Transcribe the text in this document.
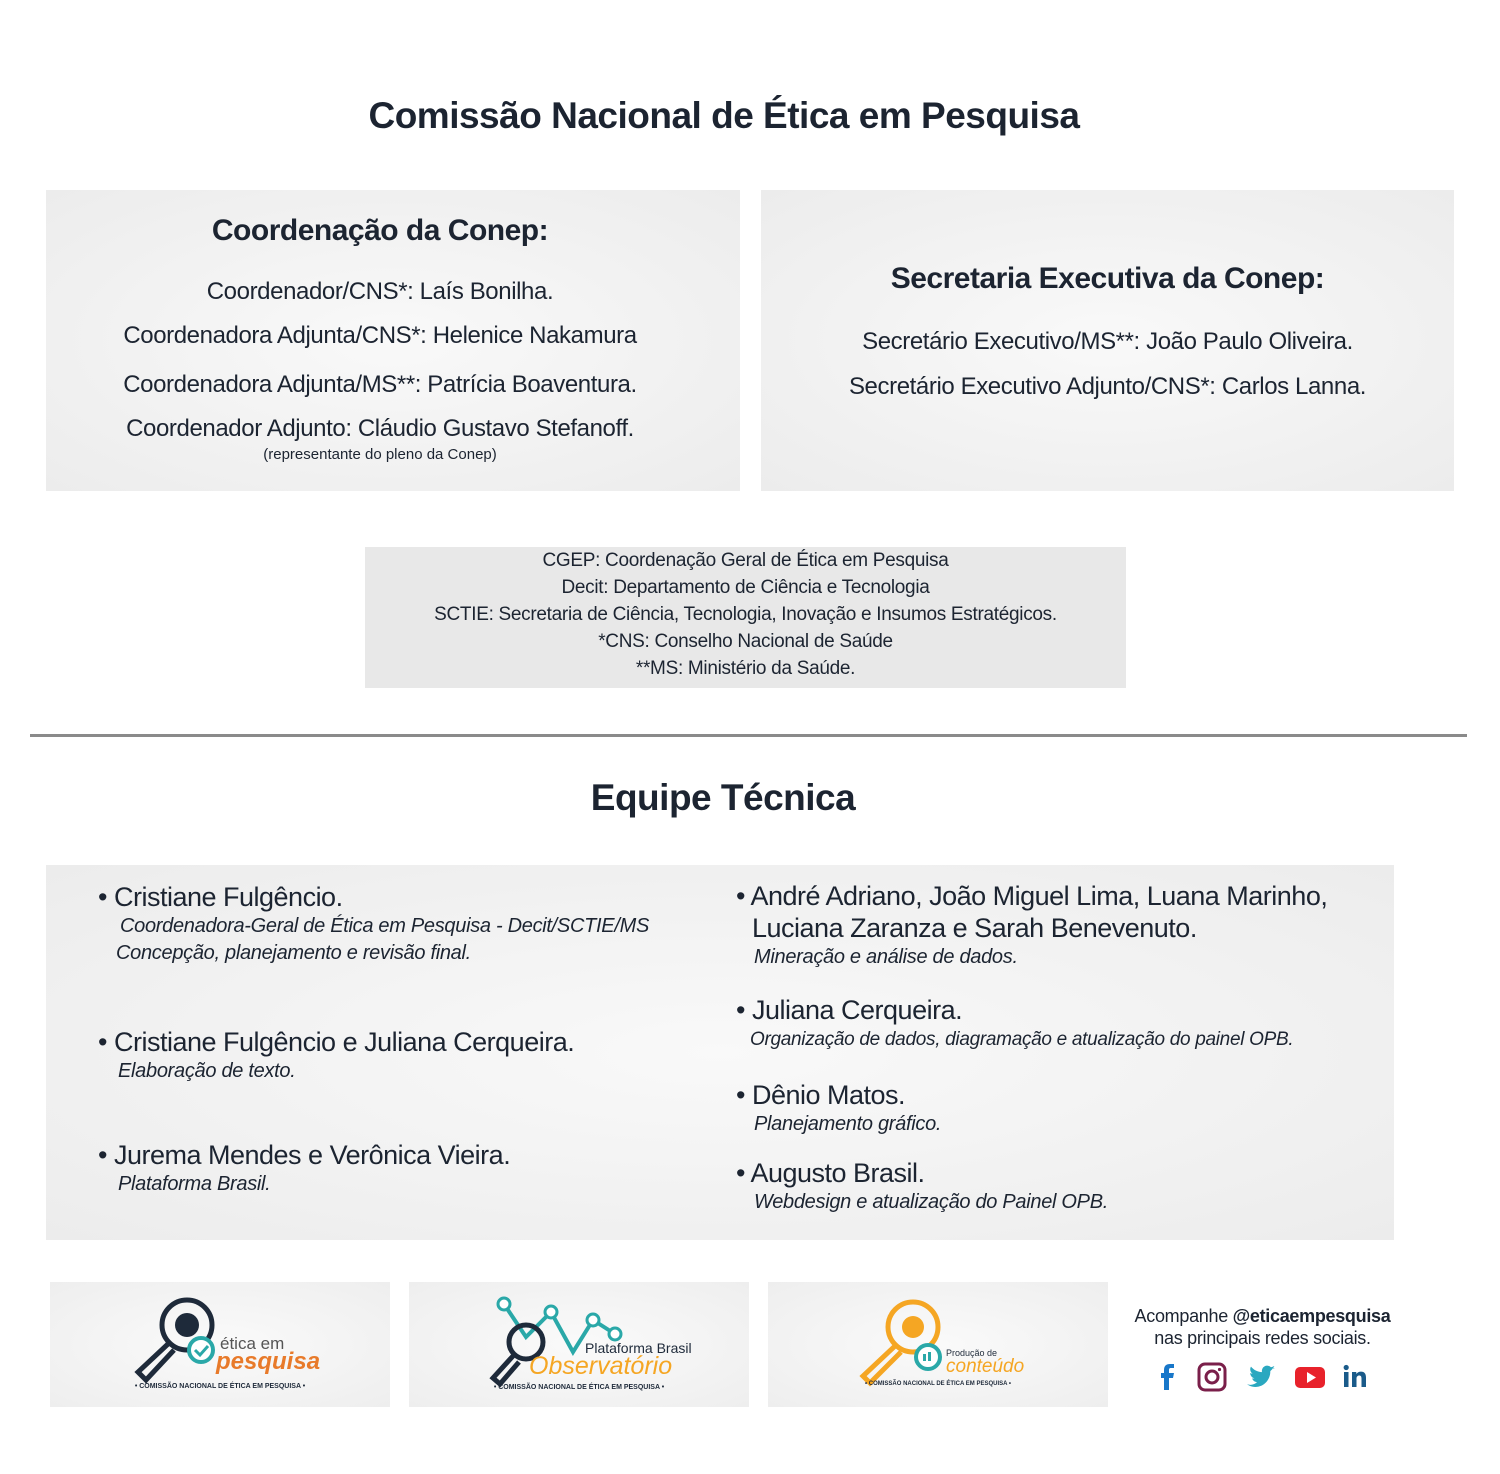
Comissão Nacional de Ética em Pesquisa
Coordenação da Conep:
Coordenador/CNS*: Laís Bonilha.
Coordenadora Adjunta/CNS*: Helenice Nakamura
Coordenadora Adjunta/MS**: Patrícia Boaventura.
Coordenador Adjunto: Cláudio Gustavo Stefanoff.
(representante do pleno da Conep)
Secretaria Executiva da Conep:
Secretário Executivo/MS**: João Paulo Oliveira.
Secretário Executivo Adjunto/CNS*: Carlos Lanna.
CGEP: Coordenação Geral de Ética em Pesquisa
Decit: Departamento de Ciência e Tecnologia
SCTIE: Secretaria de Ciência, Tecnologia, Inovação e Insumos Estratégicos.
*CNS: Conselho Nacional de Saúde
**MS: Ministério da Saúde.
Equipe Técnica
• Cristiane Fulgêncio.
Coordenadora-Geral de Ética em Pesquisa - Decit/SCTIE/MS
Concepção, planejamento e revisão final.
• Cristiane Fulgêncio e Juliana Cerqueira.
Elaboração de texto.
• Jurema Mendes e Verônica Vieira.
Plataforma Brasil.
• André Adriano, João Miguel Lima, Luana Marinho,
Luciana Zaranza e Sarah Benevenuto.
Mineração e análise de dados.
• Juliana Cerqueira.
Organização de dados, diagramação e atualização do painel OPB.
• Dênio Matos.
Planejamento gráfico.
• Augusto Brasil.
Webdesign e atualização do Painel OPB.
ética em
pesquisa
• COMISSÃO NACIONAL DE ÉTICA EM PESQUISA •
Plataforma Brasil
Observatório
• COMISSÃO NACIONAL DE ÉTICA EM PESQUISA •
Produção de
conteúdo
• COMISSÃO NACIONAL DE ÉTICA EM PESQUISA •
Acompanhe @eticaempesquisa
nas principais redes sociais.
